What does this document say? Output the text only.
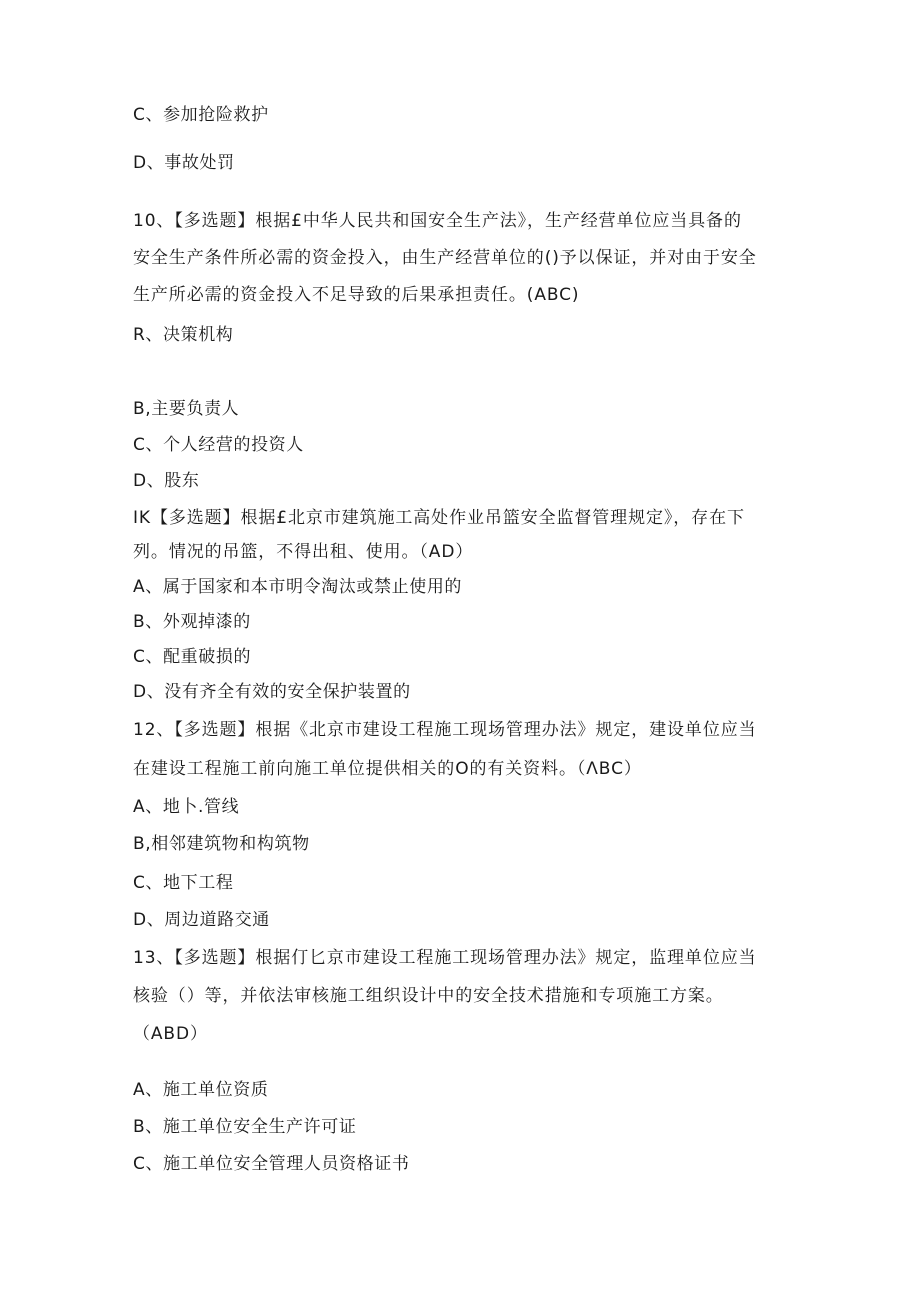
C、参加抢险救护
D、事故处罚
10、【多选题】根据£中华人民共和国安全生产法》，生产经营单位应当具备的
安全生产条件所必需的资金投入，由生产经营单位的()予以保证，并对由于安全
生产所必需的资金投入不足导致的后果承担责任。(ABC)
R、决策机构
B,主要负责人
C、个人经营的投资人
D、股东
IK【多选题】根据£北京市建筑施工高处作业吊篮安全监督管理规定》，存在下
列。情况的吊篮，不得出租、使用。（AD）
A、属于国家和本市明令淘汰或禁止使用的
B、外观掉漆的
C、配重破损的
D、没有齐全有效的安全保护装置的
12、【多选题】根据《北京市建设工程施工现场管理办法》规定，建设单位应当
在建设工程施工前向施工单位提供相关的O的有关资料。（ΛBC）
A、地卜.管线
B,相邻建筑物和构筑物
C、地下工程
D、周边道路交通
13、【多选题】根据仃匕京市建设工程施工现场管理办法》规定，监理单位应当
核验（）等，并依法审核施工组织设计中的安全技术措施和专项施工方案。
（ABD）
A、施工单位资质
B、施工单位安全生产许可证
C、施工单位安全管理人员资格证书
